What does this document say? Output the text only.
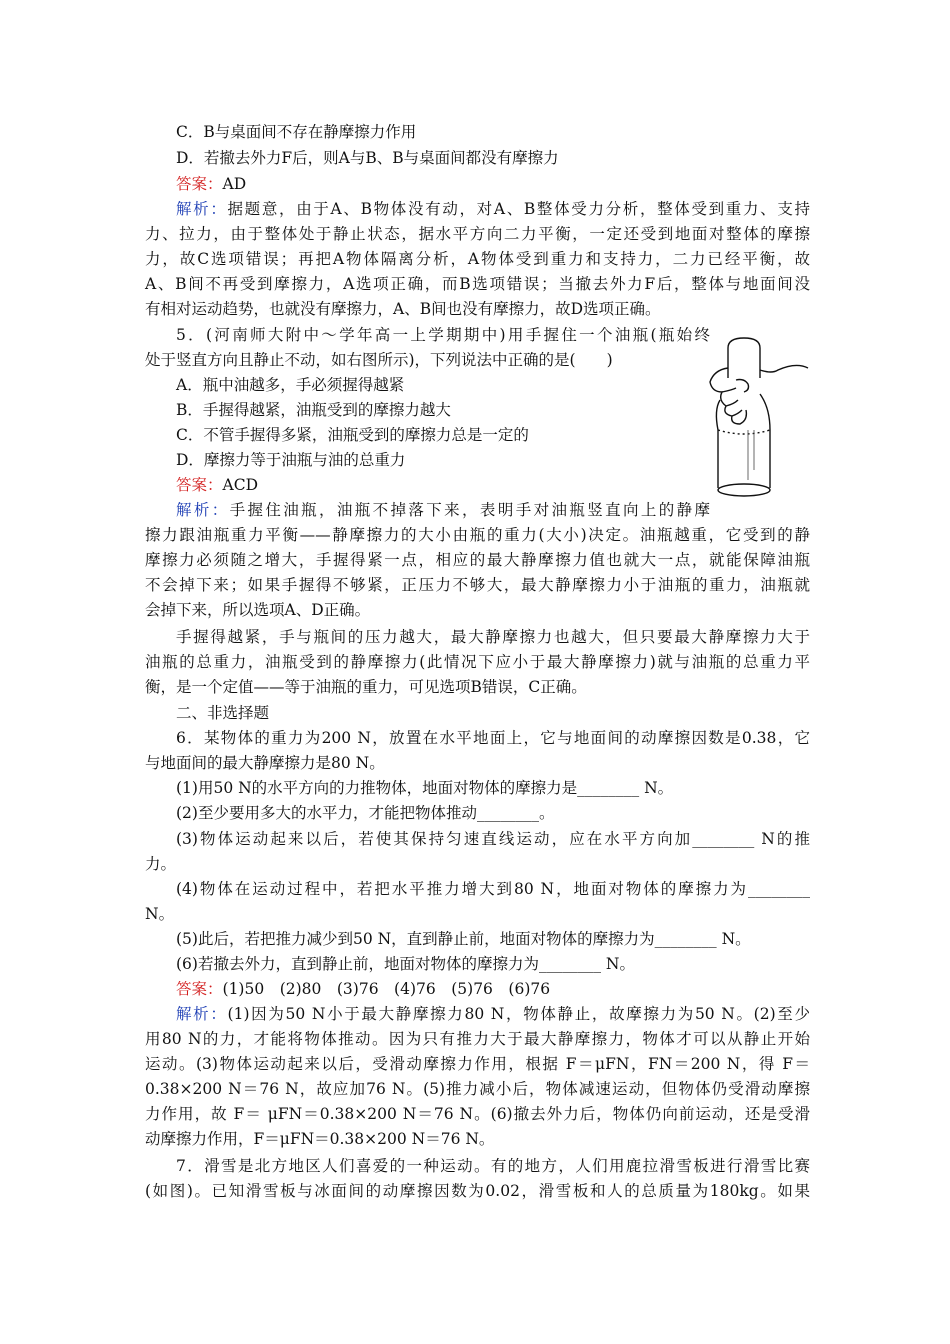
C．B与桌面间不存在静摩擦力作用
D．若撤去外力F后，则A与B、B与桌面间都没有摩擦力
答案：AD
解析：据题意，由于A、B物体没有动，对A、B整体受力分析，整体受到重力、支持
力、拉力，由于整体处于静止状态，据水平方向二力平衡，一定还受到地面对整体的摩擦
力，故C选项错误；再把A物体隔离分析，A物体受到重力和支持力，二力已经平衡，故
A、B间不再受到摩擦力，A选项正确，而B选项错误；当撤去外力F后，整体与地面间没
有相对运动趋势，也就没有摩擦力，A、B间也没有摩擦力，故D选项正确。
5．(河南师大附中～学年高一上学期期中)用手握住一个油瓶(瓶始终
处于竖直方向且静止不动，如右图所示)，下列说法中正确的是(　　)
A．瓶中油越多，手必须握得越紧
B．手握得越紧，油瓶受到的摩擦力越大
C．不管手握得多紧，油瓶受到的摩擦力总是一定的
D．摩擦力等于油瓶与油的总重力
答案：ACD
解析：手握住油瓶，油瓶不掉落下来，表明手对油瓶竖直向上的静摩
擦力跟油瓶重力平衡——静摩擦力的大小由瓶的重力(大小)决定。油瓶越重，它受到的静
摩擦力必须随之增大，手握得紧一点，相应的最大静摩擦力值也就大一点，就能保障油瓶
不会掉下来；如果手握得不够紧，正压力不够大，最大静摩擦力小于油瓶的重力，油瓶就
会掉下来，所以选项A、D正确。
手握得越紧，手与瓶间的压力越大，最大静摩擦力也越大，但只要最大静摩擦力大于
油瓶的总重力，油瓶受到的静摩擦力(此情况下应小于最大静摩擦力)就与油瓶的总重力平
衡，是一个定值——等于油瓶的重力，可见选项B错误，C正确。
二、非选择题
6．某物体的重力为200 N，放置在水平地面上，它与地面间的动摩擦因数是0.38，它
与地面间的最大静摩擦力是80 N。
(1)用50 N的水平方向的力推物体，地面对物体的摩擦力是________ N。
(2)至少要用多大的水平力，才能把物体推动________。
(3)物体运动起来以后，若使其保持匀速直线运动，应在水平方向加________ N的推
力。
(4)物体在运动过程中，若把水平推力增大到80 N，地面对物体的摩擦力为________
N。
(5)此后，若把推力减少到50 N，直到静止前，地面对物体的摩擦力为________ N。
(6)若撤去外力，直到静止前，地面对物体的摩擦力为________ N。
答案：(1)50　(2)80　(3)76　(4)76　(5)76　(6)76
解析：(1)因为50 N小于最大静摩擦力80 N，物体静止，故摩擦力为50 N。(2)至少
用80 N的力，才能将物体推动。因为只有推力大于最大静摩擦力，物体才可以从静止开始
运动。(3)物体运动起来以后，受滑动摩擦力作用，根据 F＝μFN，FN＝200 N，得 F＝
0.38×200 N＝76 N，故应加76 N。(5)推力减小后，物体减速运动，但物体仍受滑动摩擦
力作用，故 F＝ μFN＝0.38×200 N＝76 N。(6)撤去外力后，物体仍向前运动，还是受滑
动摩擦力作用，F＝μFN＝0.38×200 N＝76 N。
7．滑雪是北方地区人们喜爱的一种运动。有的地方，人们用鹿拉滑雪板进行滑雪比赛
(如图)。已知滑雪板与冰面间的动摩擦因数为0.02，滑雪板和人的总质量为180kg。如果
